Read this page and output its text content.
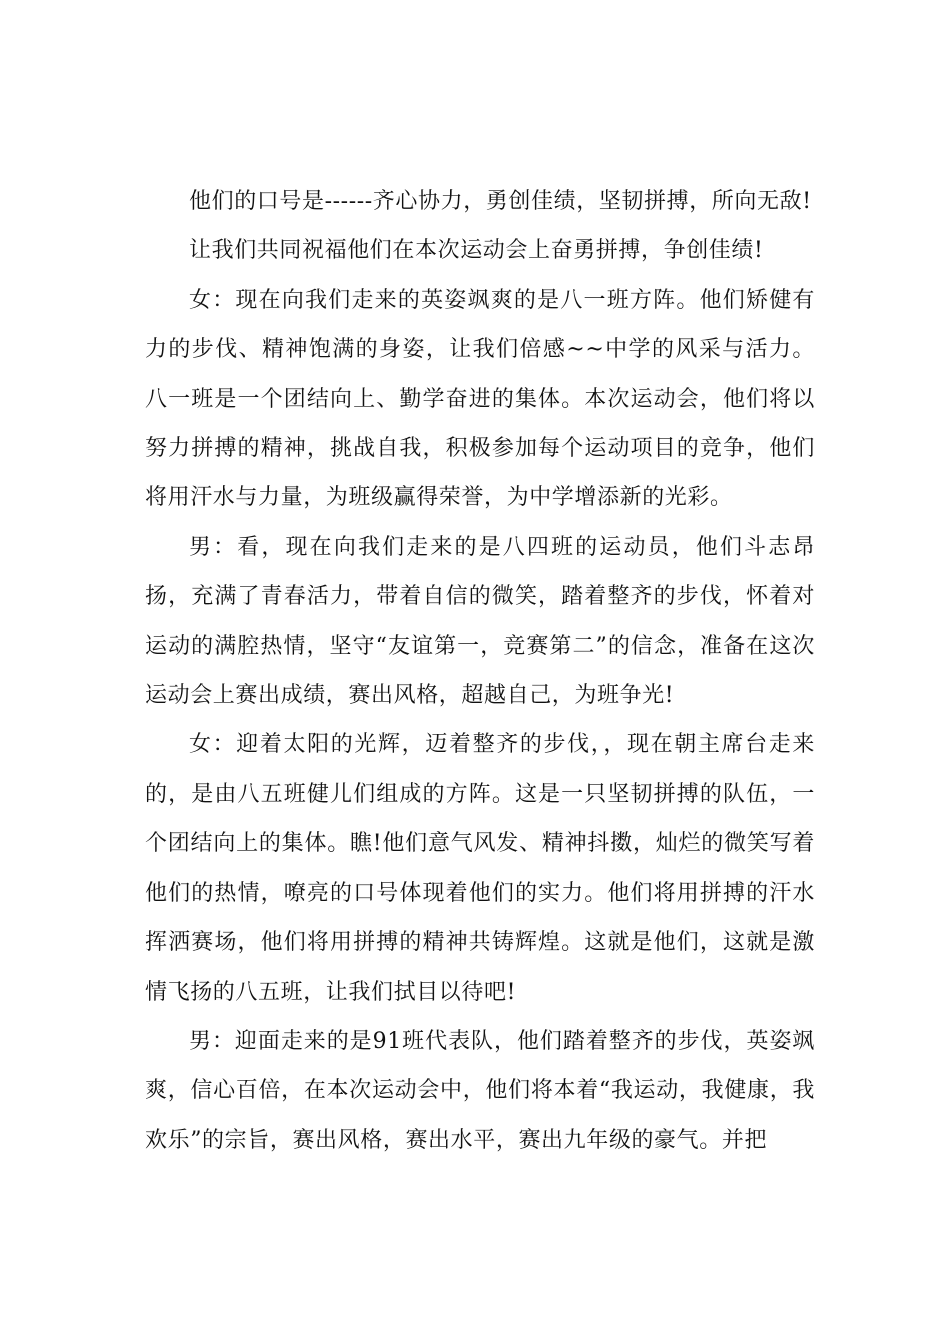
他们的口号是------齐心协力，勇创佳绩，坚韧拼搏，所向无敌!

让我们共同祝福他们在本次运动会上奋勇拼搏，争创佳绩!

女：现在向我们走来的英姿飒爽的是八一班方阵。他们矫健有力的步伐、精神饱满的身姿，让我们倍感~~中学的风采与活力。八一班是一个团结向上、勤学奋进的集体。本次运动会，他们将以努力拼搏的精神，挑战自我，积极参加每个运动项目的竞争，他们将用汗水与力量，为班级赢得荣誉，为中学增添新的光彩。

男：看，现在向我们走来的是八四班的运动员，他们斗志昂扬，充满了青春活力，带着自信的微笑，踏着整齐的步伐，怀着对运动的满腔热情，坚守“友谊第一，竞赛第二”的信念，准备在这次运动会上赛出成绩，赛出风格，超越自己，为班争光!

女：迎着太阳的光辉，迈着整齐的步伐，，现在朝主席台走来的，是由八五班健儿们组成的方阵。这是一只坚韧拼搏的队伍，一个团结向上的集体。瞧!他们意气风发、精神抖擞，灿烂的微笑写着他们的热情，嘹亮的口号体现着他们的实力。他们将用拼搏的汗水挥洒赛场，他们将用拼搏的精神共铸辉煌。这就是他们，这就是激情飞扬的八五班，让我们拭目以待吧!

男：迎面走来的是91班代表队，他们踏着整齐的步伐，英姿飒爽，信心百倍，在本次运动会中，他们将本着“我运动，我健康，我欢乐”的宗旨，赛出风格，赛出水平，赛出九年级的豪气。并把
